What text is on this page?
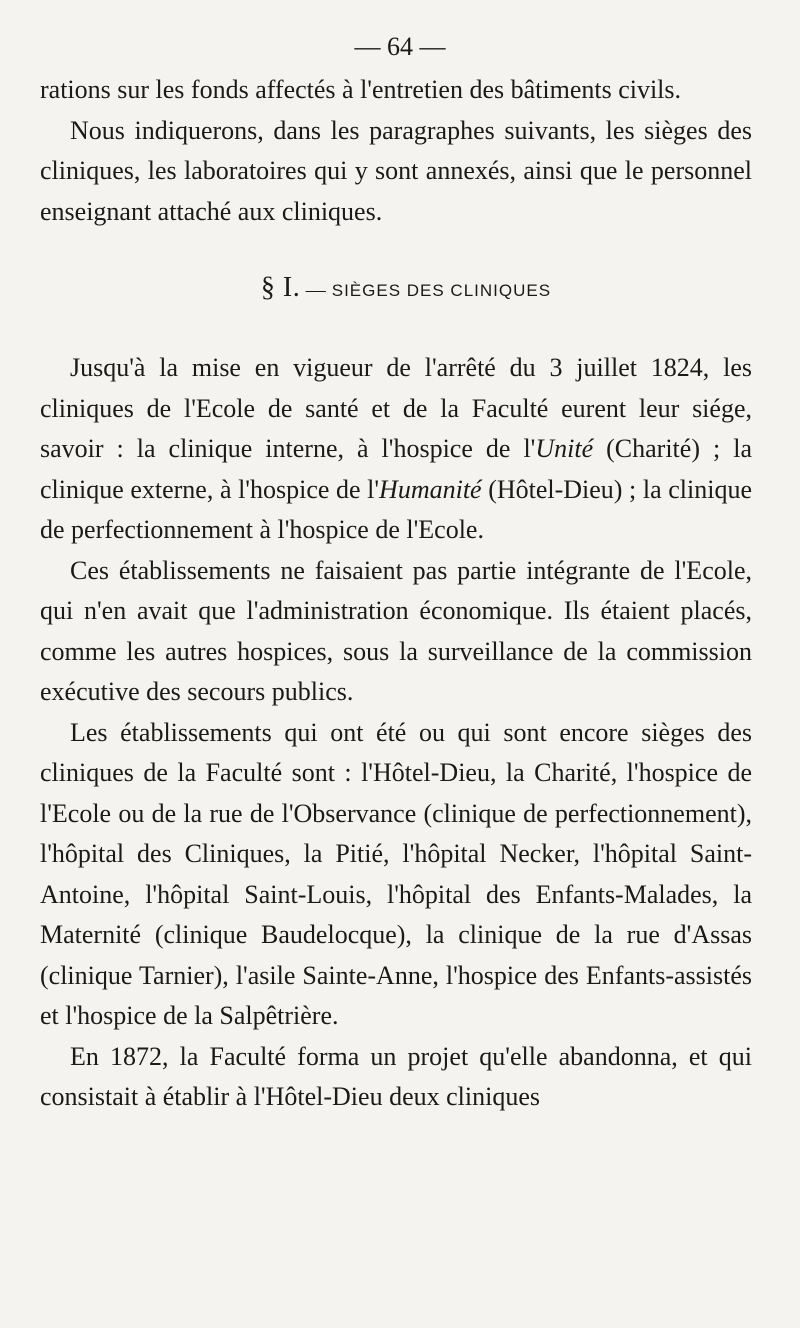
— 64 —

rations sur les fonds affectés à l'entretien des bâtiments civils.

Nous indiquerons, dans les paragraphes suivants, les sièges des cliniques, les laboratoires qui y sont annexés, ainsi que le personnel enseignant attaché aux cliniques.

§ I. — SIÈGES DES CLINIQUES

Jusqu'à la mise en vigueur de l'arrêté du 3 juillet 1824, les cliniques de l'Ecole de santé et de la Faculté eurent leur siége, savoir : la clinique interne, à l'hospice de l'Unité (Charité) ; la clinique externe, à l'hospice de l'Humanité (Hôtel-Dieu) ; la clinique de perfectionnement à l'hospice de l'Ecole.

Ces établissements ne faisaient pas partie intégrante de l'Ecole, qui n'en avait que l'administration économique. Ils étaient placés, comme les autres hospices, sous la surveillance de la commission exécutive des secours publics.

Les établissements qui ont été ou qui sont encore sièges des cliniques de la Faculté sont : l'Hôtel-Dieu, la Charité, l'hospice de l'Ecole ou de la rue de l'Observance (clinique de perfectionnement), l'hôpital des Cliniques, la Pitié, l'hôpital Necker, l'hôpital Saint-Antoine, l'hôpital Saint-Louis, l'hôpital des Enfants-Malades, la Maternité (clinique Baudelocque), la clinique de la rue d'Assas (clinique Tarnier), l'asile Sainte-Anne, l'hospice des Enfants-assistés et l'hospice de la Salpêtrière.

En 1872, la Faculté forma un projet qu'elle abandonna, et qui consistait à établir à l'Hôtel-Dieu deux cliniques
